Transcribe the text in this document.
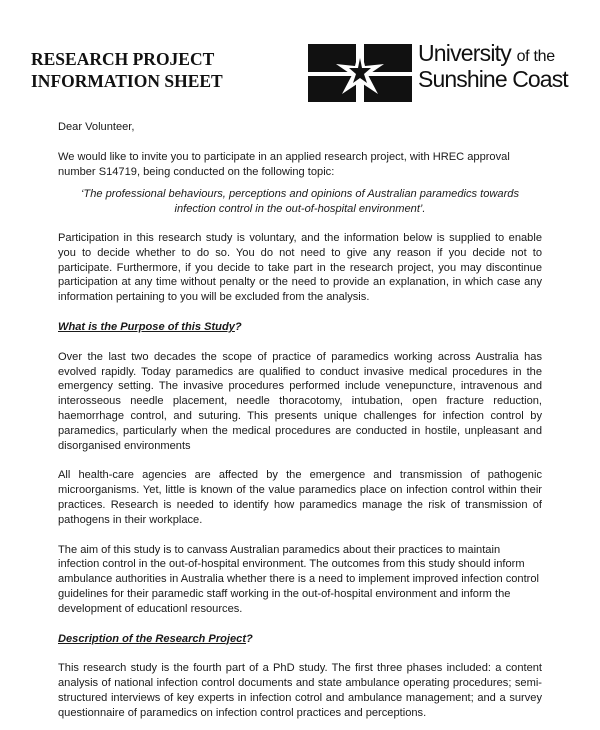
RESEARCH PROJECT
INFORMATION SHEET
University of the
Sunshine Coast

Dear Volunteer,

We would like to invite you to participate in an applied research project, with HREC approval number S14719, being conducted on the following topic:

‘The professional behaviours, perceptions and opinions of Australian paramedics towards infection control in the out-of-hospital environment’.

Participation in this research study is voluntary, and the information below is supplied to enable you to decide whether to do so. You do not need to give any reason if you decide not to participate. Furthermore, if you decide to take part in the research project, you may discontinue participation at any time without penalty or the need to provide an explanation, in which case any information pertaining to you will be excluded from the analysis.

What is the Purpose of this Study?

Over the last two decades the scope of practice of paramedics working across Australia has evolved rapidly. Today paramedics are qualified to conduct invasive medical procedures in the emergency setting. The invasive procedures performed include venepuncture, intravenous and interosseous needle placement, needle thoracotomy, intubation, open fracture reduction, haemorrhage control, and suturing. This presents unique challenges for infection control by paramedics, particularly when the medical procedures are conducted in hostile, unpleasant and disorganised environments

All health-care agencies are affected by the emergence and transmission of pathogenic microorganisms. Yet, little is known of the value paramedics place on infection control within their practices. Research is needed to identify how paramedics manage the risk of transmission of pathogens in their workplace.

The aim of this study is to canvass Australian paramedics about their practices to maintain infection control in the out-of-hospital environment. The outcomes from this study should inform ambulance authorities in Australia whether there is a need to implement improved infection control guidelines for their paramedic staff working in the out-of-hospital environment and inform the development of educationl resources.

Description of the Research Project?

This research study is the fourth part of a PhD study. The first three phases included: a content analysis of national infection control documents and state ambulance operating procedures; semi-structured interviews of key experts in infection cotrol and ambulance management; and a survey questionnaire of paramedics on infection control practices and perceptions.
